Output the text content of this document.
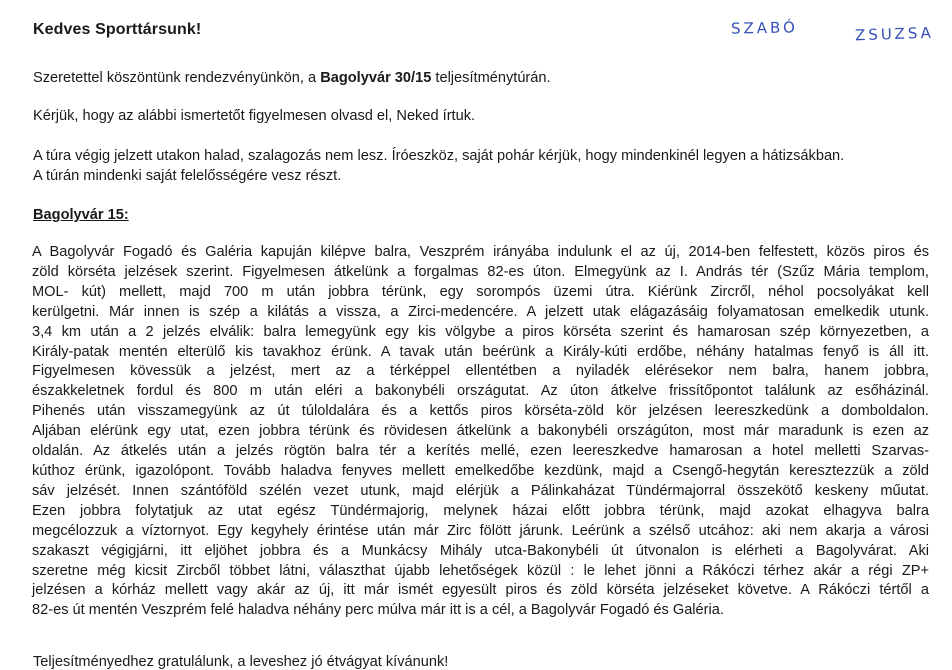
Kedves Sporttársunk!	SZABÓ	ZSUZSA
Szeretettel köszöntünk rendezvényünkön, a Bagolyvár 30/15 teljesítménytúrán.
Kérjük, hogy az alábbi ismertetőt figyelmesen olvasd el, Neked írtuk.
A túra végig jelzett utakon halad, szalagozás nem lesz. Íróeszköz, saját pohár kérjük, hogy mindenkinél legyen a hátizsákban.
A túrán mindenki saját felelősségére vesz részt.
Bagolyvár 15:
A Bagolyvár Fogadó és Galéria kapuján kilépve balra, Veszprém irányába indulunk el az új, 2014-ben felfestett, közös piros és
zöld körséta jelzések szerint. Figyelmesen átkelünk a forgalmas 82-es úton. Elmegyünk az I. András tér (Szűz Mária templom,
MOL- kút) mellett, majd 700 m után jobbra térünk, egy sorompós üzemi útra. Kiérünk Zircről, néhol pocsolyákat kell
kerülgetni. Már innen is szép a kilátás a vissza, a Zirci-medencére. A jelzett utak elágazásáig folyamatosan emelkedik utunk.
3,4 km után a 2 jelzés elválik: balra lemegyünk egy kis völgybe a piros körséta szerint és hamarosan szép környezetben, a
Király-patak mentén elterülő kis tavakhoz érünk. A tavak után beérünk a Király-kúti erdőbe, néhány hatalmas fenyő is áll itt.
Figyelmesen kövessük a jelzést, mert az a térképpel ellentétben a nyiladék elérésekor nem balra, hanem jobbra,
északkeletnek fordul és 800 m után eléri a bakonybéli országutat. Az úton átkelve frissítőpontot találunk az esőházinál.
Pihenés után visszamegyünk az út túloldalára és a kettős piros körséta-zöld kör jelzésen leereszkedünk a domboldalon.
Aljában elérünk egy utat, ezen jobbra térünk és rövidesen átkelünk a bakonybéli országúton, most már maradunk is ezen az
oldalán. Az átkelés után a jelzés rögtön balra tér a kerítés mellé, ezen leereszkedve hamarosan a hotel melletti Szarvas-
kúthoz érünk, igazolópont. Tovább haladva fenyves mellett emelkedőbe kezdünk, majd a Csengő-hegytán keresztezzük a zöld
sáv jelzését. Innen szántóföld szélén vezet utunk, majd elérjük a Pálinkaházat Tündérmajorral összekötő keskeny műutat.
Ezen jobbra folytatjuk az utat egész Tündérmajorig, melynek házai előtt jobbra térünk, majd azokat elhagyva balra
megcélozzuk a víztornyot. Egy kegyhely érintése után már Zirc fölött járunk. Leérünk a szélső utcához: aki nem akarja a városi
szakaszt végigjárni, itt eljöhet jobbra és a Munkácsy Mihály utca-Bakonybéli út útvonalon is elérheti a Bagolyvárat. Aki
szeretne még kicsit Zircből többet látni, választhat újabb lehetőségek közül : le lehet jönni a Rákóczi térhez akár a régi ZP+
jelzésen a kórház mellett vagy akár az új, itt már ismét egyesült piros és zöld körséta jelzéseket követve. A Rákóczi tértől a
82-es út mentén Veszprém felé haladva néhány perc múlva már itt is a cél, a Bagolyvár Fogadó és Galéria.
Teljesítményedhez gratulálunk, a leveshez jó étvágyat kívánunk!
